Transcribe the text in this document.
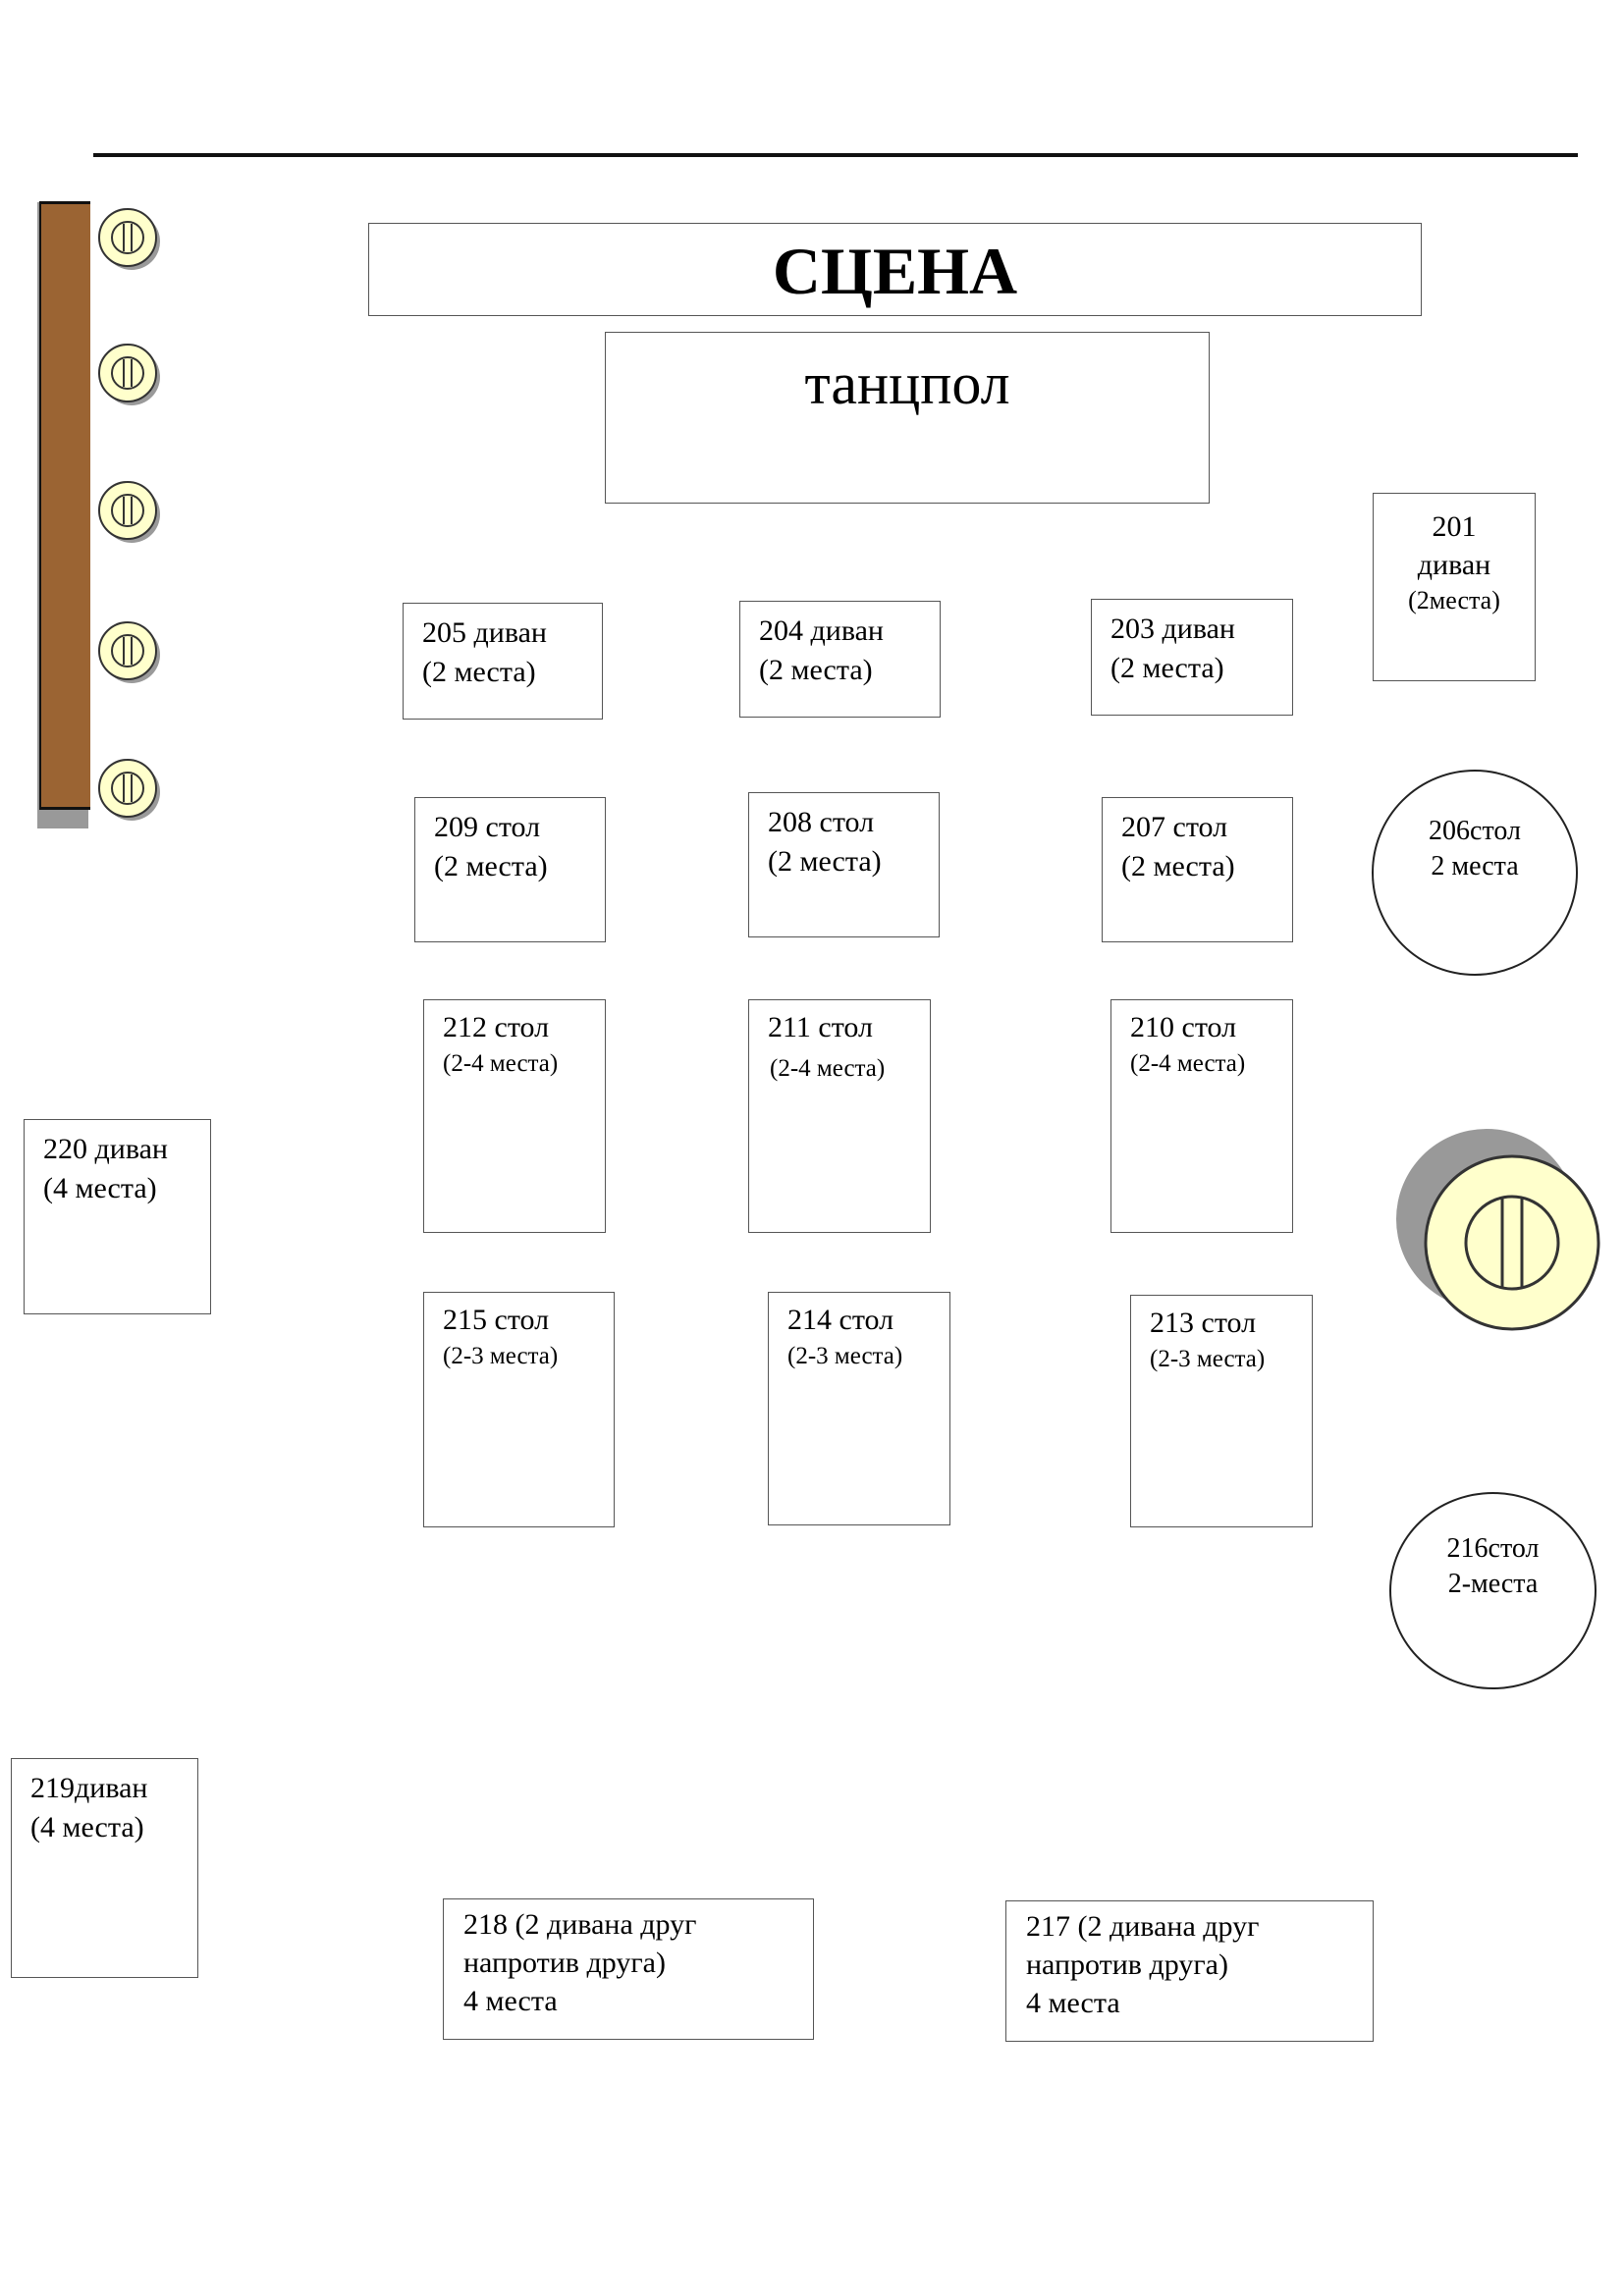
СЦЕНА
танцпол
201
диван
(2места)
205 диван
(2 места)
204 диван
(2 места)
203 диван
(2 места)
209 стол
(2 места)
208 стол
(2 места)
207 стол
(2 места)
206стол
2 места
212 стол
(2-4 места)
211 стол
(2-4 места)
210 стол
(2-4 места)
220 диван
(4 места)
215 стол
(2-3 места)
214 стол
(2-3 места)
213 стол
(2-3 места)
216стол
2-места
219диван
(4 места)
218 (2 дивана друг
напротив друга)
4 места
217 (2 дивана друг
напротив друга)
4 места
